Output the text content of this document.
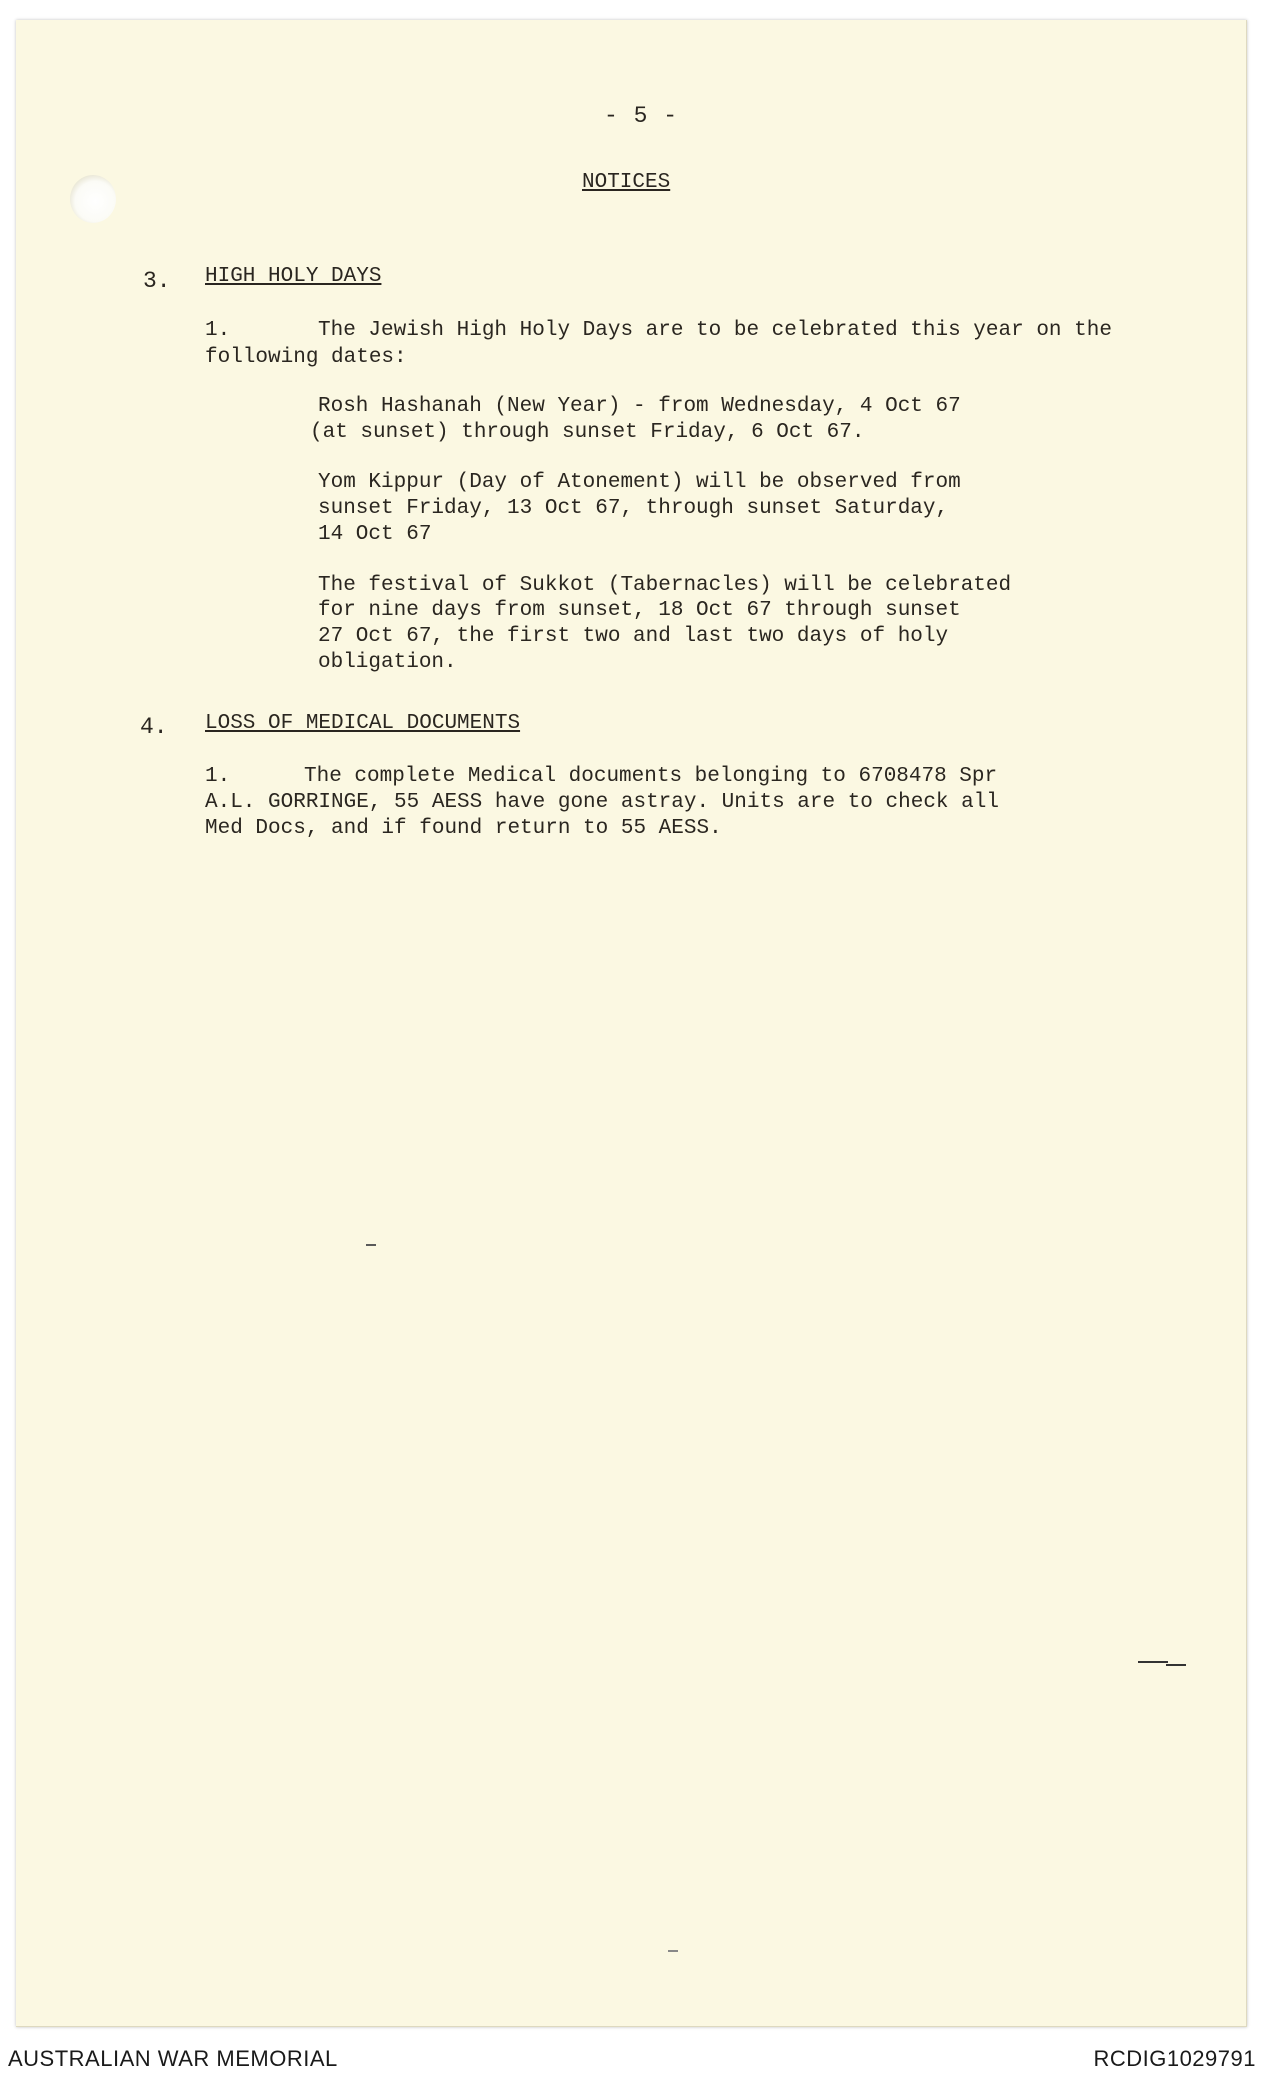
- 5 -
NOTICES
3. HIGH HOLY DAYS
1.	The Jewish High Holy Days are to be celebrated this year on the
following dates:
Rosh Hashanah (New Year) - from Wednesday, 4 Oct 67
(at sunset) through sunset Friday, 6 Oct 67.
Yom Kippur (Day of Atonement) will be observed from
sunset Friday, 13 Oct 67, through sunset Saturday,
14 Oct 67
The festival of Sukkot (Tabernacles) will be celebrated
for nine days from sunset, 18 Oct 67 through sunset
27 Oct 67, the first two and last two days of holy
obligation.
4. LOSS OF MEDICAL DOCUMENTS
1.	The complete Medical documents belonging to 6708478 Spr
A.L. GORRINGE, 55 AESS have gone astray. Units are to check all
Med Docs, and if found return to 55 AESS.
AUSTRALIAN WAR MEMORIAL	RCDIG1029791
